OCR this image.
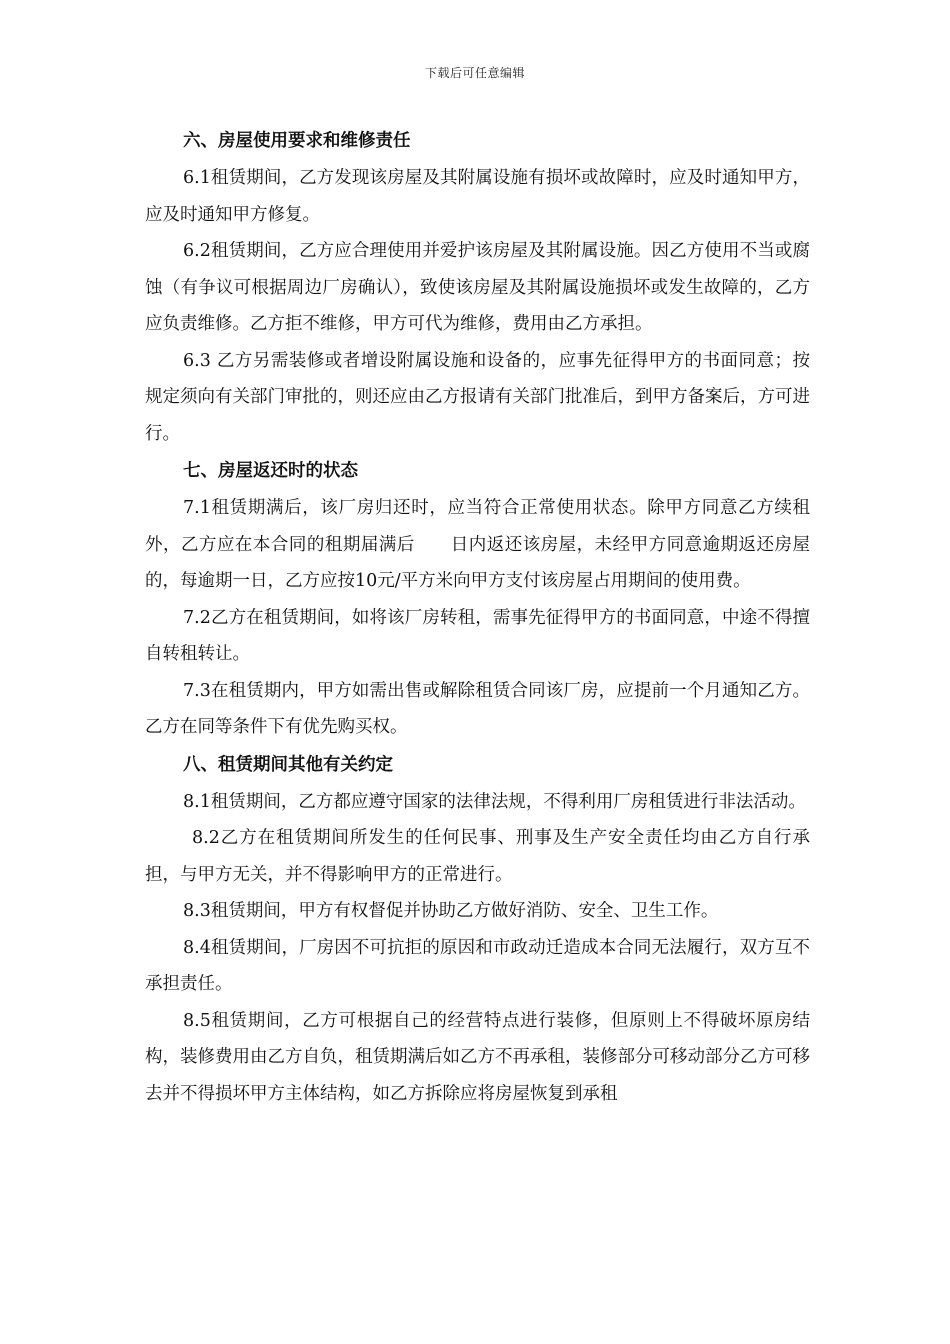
下载后可任意编辑

六、房屋使用要求和维修责任

6.1租赁期间，乙方发现该房屋及其附属设施有损坏或故障时，应及时通知甲方，应及时通知甲方修复。

6.2租赁期间，乙方应合理使用并爱护该房屋及其附属设施。因乙方使用不当或腐蚀（有争议可根据周边厂房确认），致使该房屋及其附属设施损坏或发生故障的，乙方应负责维修。乙方拒不维修，甲方可代为维修，费用由乙方承担。

6.3 乙方另需装修或者增设附属设施和设备的，应事先征得甲方的书面同意；按规定须向有关部门审批的，则还应由乙方报请有关部门批准后，到甲方备案后，方可进行。

七、房屋返还时的状态

7.1租赁期满后，该厂房归还时，应当符合正常使用状态。除甲方同意乙方续租外，乙方应在本合同的租期届满后　　日内返还该房屋，未经甲方同意逾期返还房屋的，每逾期一日，乙方应按10元/平方米向甲方支付该房屋占用期间的使用费。

7.2乙方在租赁期间，如将该厂房转租，需事先征得甲方的书面同意，中途不得擅自转租转让。

7.3在租赁期内，甲方如需出售或解除租赁合同该厂房，应提前一个月通知乙方。乙方在同等条件下有优先购买权。

八、租赁期间其他有关约定

8.1租赁期间，乙方都应遵守国家的法律法规，不得利用厂房租赁进行非法活动。

8.2乙方在租赁期间所发生的任何民事、刑事及生产安全责任均由乙方自行承担，与甲方无关，并不得影响甲方的正常进行。

8.3租赁期间，甲方有权督促并协助乙方做好消防、安全、卫生工作。

8.4租赁期间，厂房因不可抗拒的原因和市政动迁造成本合同无法履行，双方互不承担责任。

8.5租赁期间，乙方可根据自己的经营特点进行装修，但原则上不得破坏原房结构，装修费用由乙方自负，租赁期满后如乙方不再承租，装修部分可移动部分乙方可移去并不得损坏甲方主体结构，如乙方拆除应将房屋恢复到承租
